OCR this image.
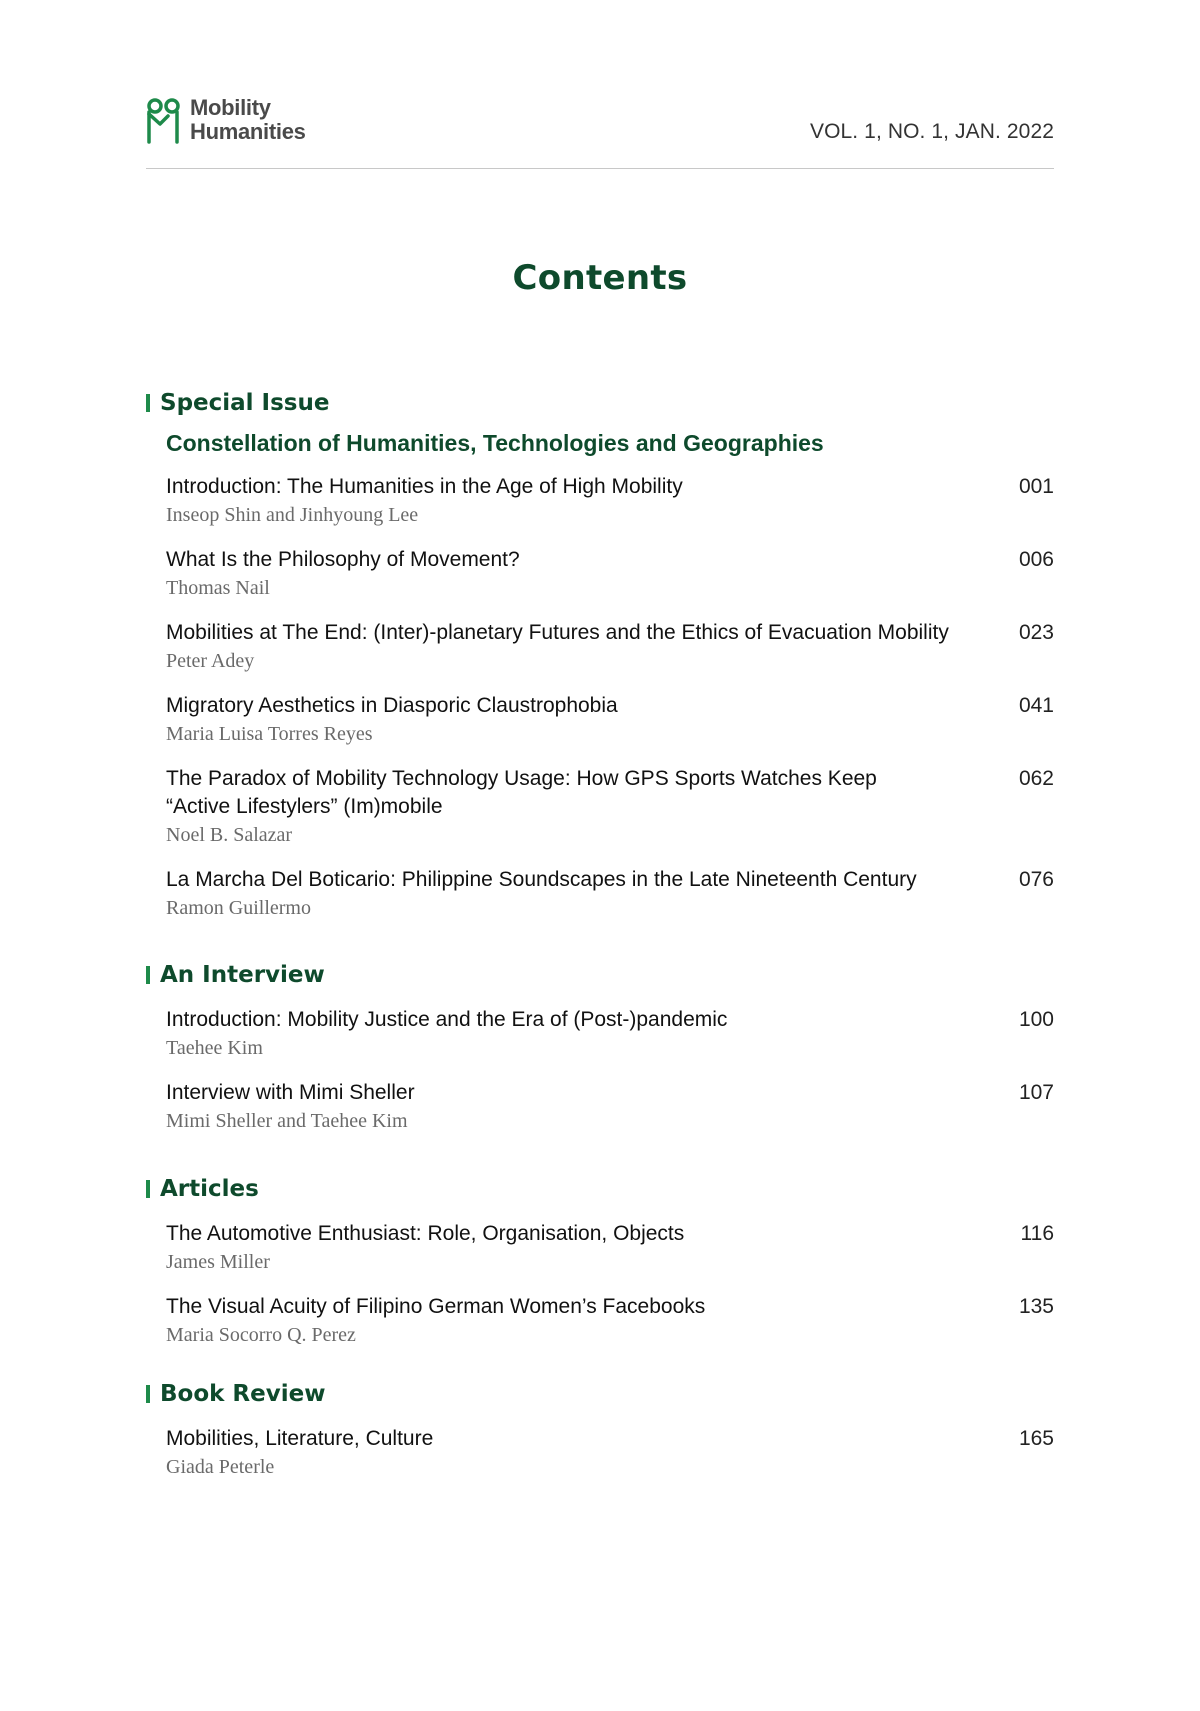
Mobility
Humanities	VOL. 1, NO. 1, JAN. 2022
Contents
Special Issue
Constellation of Humanities, Technologies and Geographies
Introduction: The Humanities in the Age of High Mobility
Inseop Shin and Jinhyoung Lee
001
What Is the Philosophy of Movement?
Thomas Nail
006
Mobilities at The End: (Inter)-planetary Futures and the Ethics of Evacuation Mobility
Peter Adey
023
Migratory Aesthetics in Diasporic Claustrophobia
Maria Luisa Torres Reyes
041
The Paradox of Mobility Technology Usage: How GPS Sports Watches Keep “Active Lifestylers” (Im)mobile
Noel B. Salazar
062
La Marcha Del Boticario: Philippine Soundscapes in the Late Nineteenth Century
Ramon Guillermo
076
An Interview
Introduction: Mobility Justice and the Era of (Post-)pandemic
Taehee Kim
100
Interview with Mimi Sheller
Mimi Sheller and Taehee Kim
107
Articles
The Automotive Enthusiast: Role, Organisation, Objects
James Miller
116
The Visual Acuity of Filipino German Women’s Facebooks
Maria Socorro Q. Perez
135
Book Review
Mobilities, Literature, Culture
Giada Peterle
165
